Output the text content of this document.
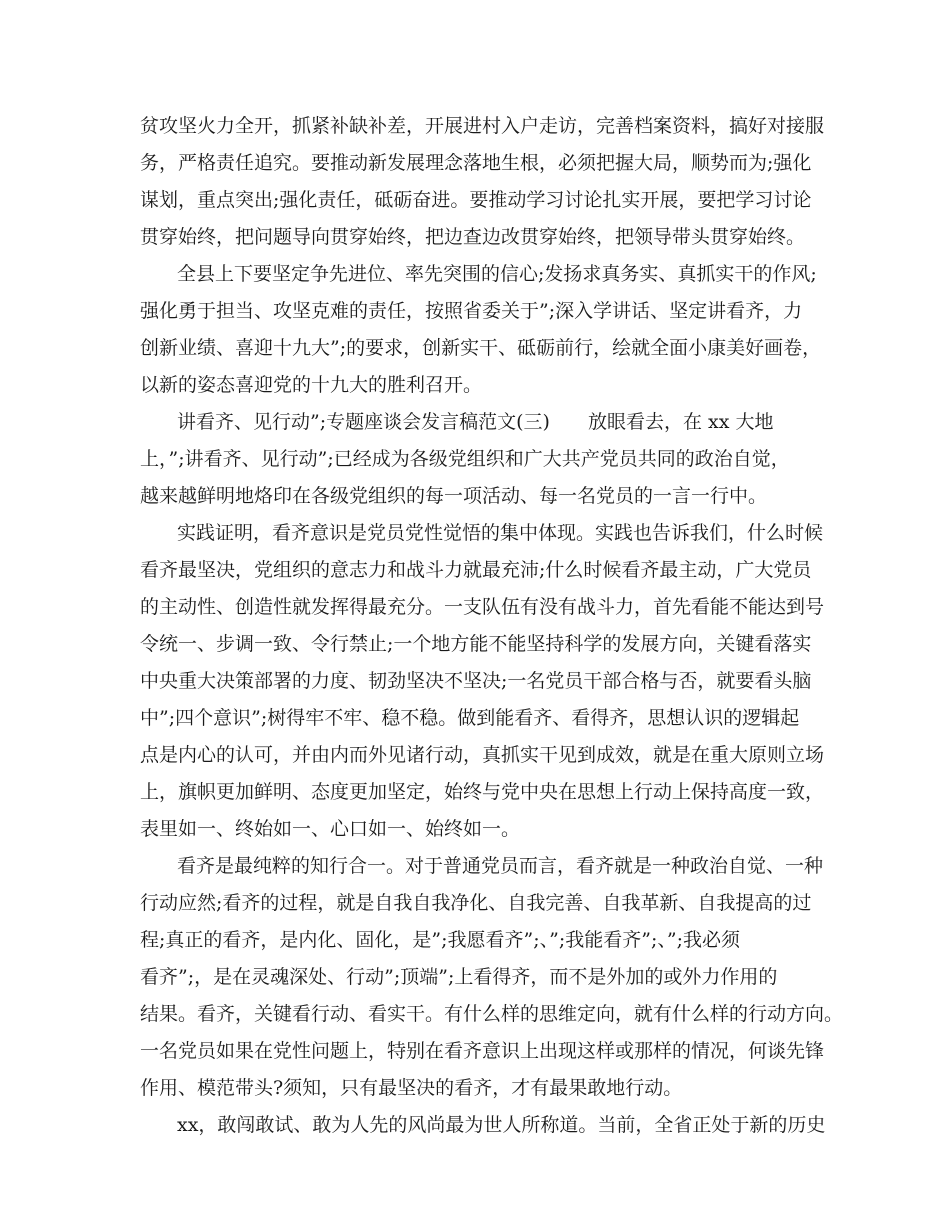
贫攻坚火力全开，抓紧补缺补差，开展进村入户走访，完善档案资料，搞好对接服
务，严格责任追究。要推动新发展理念落地生根，必须把握大局，顺势而为;强化
谋划，重点突出;强化责任，砥砺奋进。要推动学习讨论扎实开展，要把学习讨论
贯穿始终，把问题导向贯穿始终，把边查边改贯穿始终，把领导带头贯穿始终。
全县上下要坚定争先进位、率先突围的信心;发扬求真务实、真抓实干的作风;
强化勇于担当、攻坚克难的责任，按照省委关于”;深入学讲话、坚定讲看齐，力
创新业绩、喜迎十九大”;的要求，创新实干、砥砺前行，绘就全面小康美好画卷，
以新的姿态喜迎党的十九大的胜利召开。
讲看齐、见行动”;专题座谈会发言稿范文(三)　　放眼看去，在 xx 大地
上，”;讲看齐、见行动”;已经成为各级党组织和广大共产党员共同的政治自觉，
越来越鲜明地烙印在各级党组织的每一项活动、每一名党员的一言一行中。
实践证明，看齐意识是党员党性觉悟的集中体现。实践也告诉我们，什么时候
看齐最坚决，党组织的意志力和战斗力就最充沛;什么时候看齐最主动，广大党员
的主动性、创造性就发挥得最充分。一支队伍有没有战斗力，首先看能不能达到号
令统一、步调一致、令行禁止;一个地方能不能坚持科学的发展方向，关键看落实
中央重大决策部署的力度、韧劲坚决不坚决;一名党员干部合格与否，就要看头脑
中”;四个意识”;树得牢不牢、稳不稳。做到能看齐、看得齐，思想认识的逻辑起
点是内心的认可，并由内而外见诸行动，真抓实干见到成效，就是在重大原则立场
上，旗帜更加鲜明、态度更加坚定，始终与党中央在思想上行动上保持高度一致，
表里如一、终始如一、心口如一、始终如一。
看齐是最纯粹的知行合一。对于普通党员而言，看齐就是一种政治自觉、一种
行动应然;看齐的过程，就是自我自我净化、自我完善、自我革新、自我提高的过
程;真正的看齐，是内化、固化，是”;我愿看齐”;、”;我能看齐”;、”;我必须
看齐”;，是在灵魂深处、行动”;顶端”;上看得齐，而不是外加的或外力作用的
结果。看齐，关键看行动、看实干。有什么样的思维定向，就有什么样的行动方向。
一名党员如果在党性问题上，特别在看齐意识上出现这样或那样的情况，何谈先锋
作用、模范带头?须知，只有最坚决的看齐，才有最果敢地行动。
xx，敢闯敢试、敢为人先的风尚最为世人所称道。当前，全省正处于新的历史
